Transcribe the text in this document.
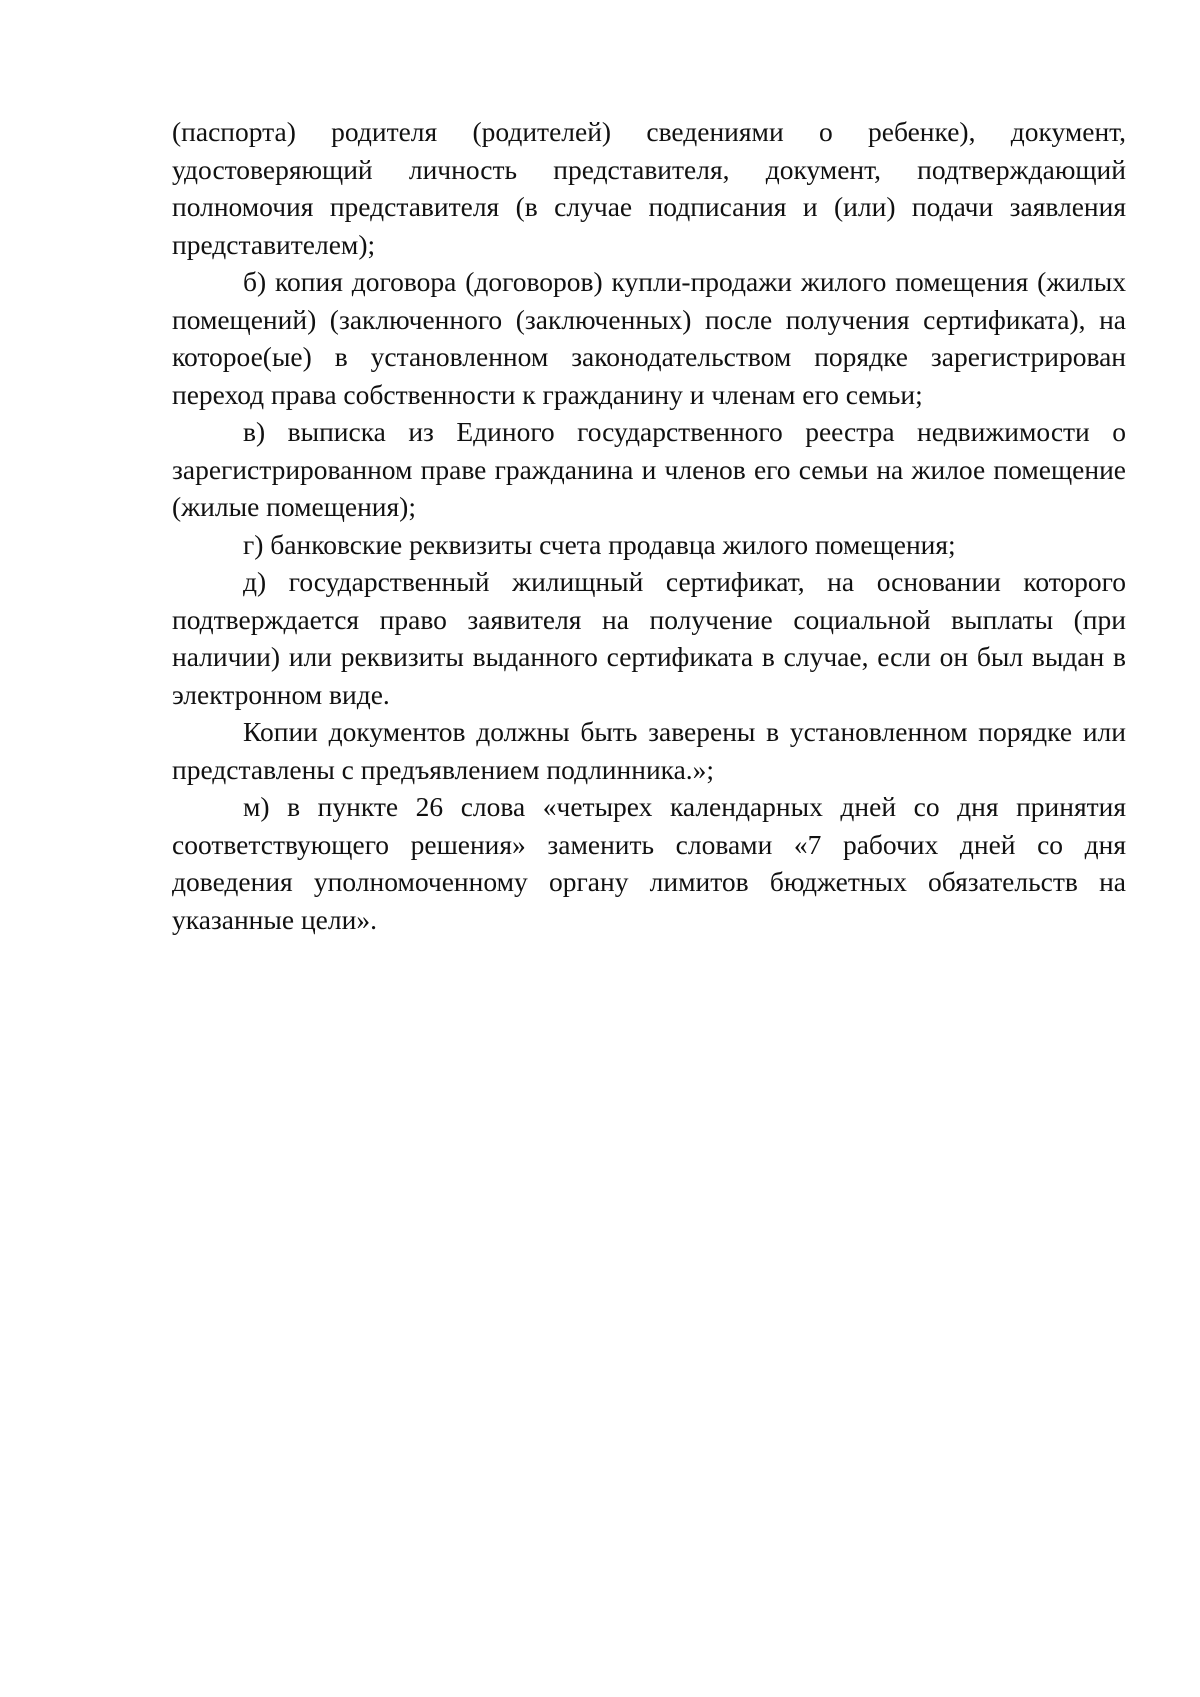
(паспорта) родителя (родителей) сведениями о ребенке), документ, удостоверяющий личность представителя, документ, подтверждающий полномочия представителя (в случае подписания и (или) подачи заявления представителем);

б) копия договора (договоров) купли-продажи жилого помещения (жилых помещений) (заключенного (заключенных) после получения сертификата), на которое(ые) в установленном законодательством порядке зарегистрирован переход права собственности к гражданину и членам его семьи;

в) выписка из Единого государственного реестра недвижимости о зарегистрированном праве гражданина и членов его семьи на жилое помещение (жилые помещения);

г) банковские реквизиты счета продавца жилого помещения;

д) государственный жилищный сертификат, на основании которого подтверждается право заявителя на получение социальной выплаты (при наличии) или реквизиты выданного сертификата в случае, если он был выдан в электронном виде.

Копии документов должны быть заверены в установленном порядке или представлены с предъявлением подлинника.»;

м) в пункте 26 слова «четырех календарных дней со дня принятия соответствующего решения» заменить словами «7 рабочих дней со дня доведения уполномоченному органу лимитов бюджетных обязательств на указанные цели».
